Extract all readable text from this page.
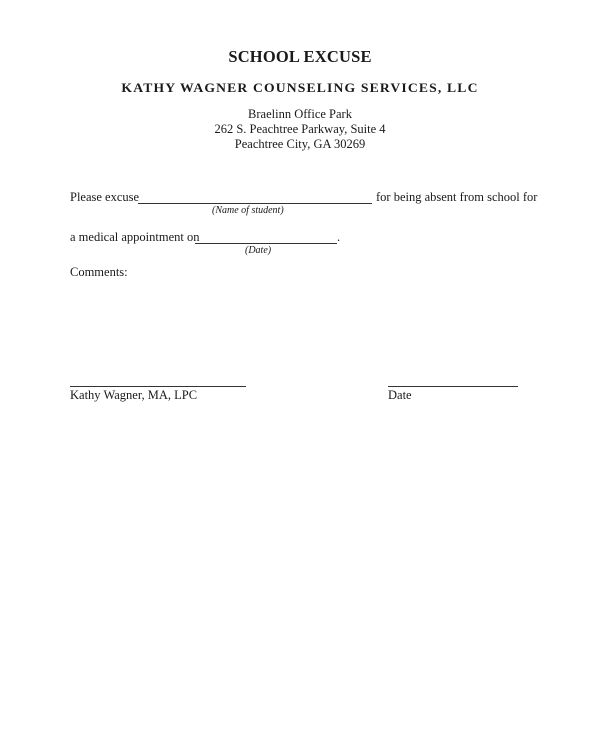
SCHOOL EXCUSE
KATHY WAGNER COUNSELING SERVICES, LLC
Braelinn Office Park
262 S. Peachtree Parkway, Suite 4
Peachtree City, GA 30269
Please excuse	for being absent from school for
(Name of student)
a medical appointment on	.
(Date)
Comments:
Kathy Wagner, MA, LPC	Date
